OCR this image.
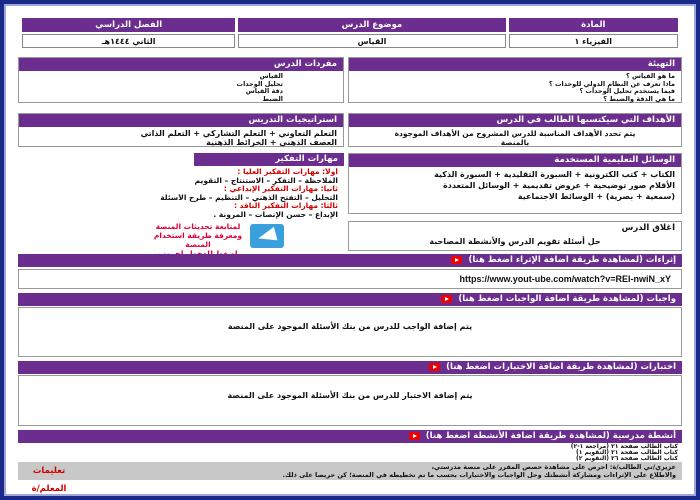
المادة
موضوع الدرس
الفصل الدراسي
الفيزياء ١
القياس
الثاني ١٤٤٤هـ
التهيئة
ما هو القياس ؟
ماذا تعرف عن النظام الدولي للوحدات ؟
فيما يستخدم تحليل الوحدات ؟
ما هي الدقة والضبط ؟
الأهداف التي سيكتسبها الطالب في الدرس
يتم تحدد الأهداف المناسبة للدرس المشروح من الأهداف الموجودة
بالمنصة
الوسائل التعليمية المستخدمة
الكتاب + كتب الكترونية + السبورة التقليدية + السبورة الذكية
الأقلام صور توضيحية + عروض تقديمية + الوسائل المتعددة
(سمعية + بصرية) + الوسائط الاجتماعية
اغلاق الدرس
حل أسئلة تقويم الدرس والأنشطة المصاحبة
مفردات الدرس
القياس
تحليل الوحدات
دقة القياس
الضبط
استراتيجيات التدريس
التعلم التعاوني + التعلم التشاركي + التعلم الذاتي
العصف الذهني + الخرائط الذهنية
مهارات التفكير
أولاً: مهارات التفكير العليا :
الملاحظة – التفكر – الاستنتاج – التقويم
ثانياً: مهارات التفكير الإبداعي :
التحليل – التفتح الذهني – التنظيم – طرح الأسئلة
ثالثاً: مهارات التفكير الناقد :
الإبداع – حسن الإنصات – المرونة .
لمتابعة تحديثات المنصة
ومعرفة طريقة استخدام المنصة
إثراءات (لمشاهدة طريقة اضافة الإثراء اضغط هنا)
https://www.yout-ube.com/watch?v=REI-nwiN_xY
واجبات (لمشاهدة طريقة اضافة الواجبات اضغط هنا)
يتم إضافة الواجب للدرس من بنك الأسئلة الموجود على المنصة
اختبارات (لمشاهدة طريقة اضافة الاختبارات اضغط هنا)
يتم إضافة الاختبار للدرس من بنك الأسئلة الموجود على المنصة
أنشطة مدرسية (لمشاهدة طريقة اضافة الأنشطة اضغط هنا)
كتاب الطالب صفحة ٢١ (مراجعة ١-٢)
كتاب الطالب صفحة ٢١ (التقويم ١)
كتاب الطالب صفحة ٢٦ (التقويم ٢)
عزيزي/تي الطالب/ة: احرص على مشاهدة حصص المقرر على منصة مدرستي،
والاطلاع على الإثراءات ومشاركة أنشطتك وحل الواجبات والاختبارات بحسب ما تم تخطيطه في المنصة؛ كن حريصا على ذلك.
تعليمات المعلم/ة
